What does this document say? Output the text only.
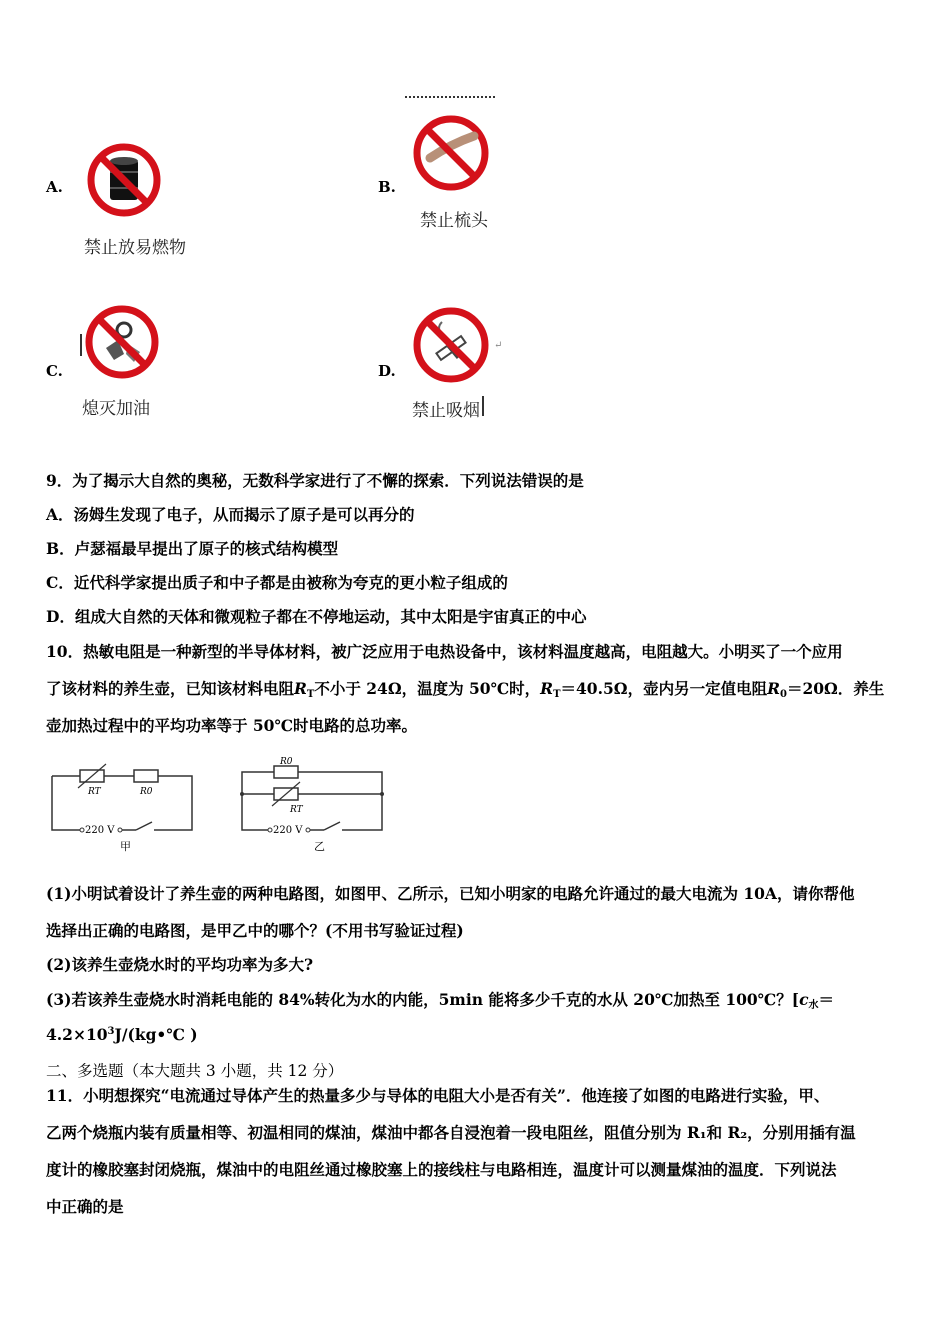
A.
禁止放易燃物
B.
禁止梳头
C.
熄灭加油
D.
↵
禁止吸烟
9．为了揭示大自然的奥秘，无数科学家进行了不懈的探索．下列说法错误的是
A．汤姆生发现了电子，从而揭示了原子是可以再分的
B．卢瑟福最早提出了原子的核式结构模型
C．近代科学家提出质子和中子都是由被称为夸克的更小粒子组成的
D．组成大自然的天体和微观粒子都在不停地运动，其中太阳是宇宙真正的中心
10．热敏电阻是一种新型的半导体材料，被广泛应用于电热设备中，该材料温度越高，电阻越大。小明买了一个应用
了该材料的养生壶，已知该材料电阻$R_T$不小于 24Ω，温度为 50℃时，$R_T=40.5\Omega$，壶内另一定值电阻$R_0=20\Omega$．养生
壶加热过程中的平均功率等于 50℃时电路的总功率。
RT	R0
220 V
甲
R0
RT
220 V
乙
(1)小明试着设计了养生壶的两种电路图，如图甲、乙所示，已知小明家的电路允许通过的最大电流为 10A，请你帮他
选择出正确的电路图，是甲乙中的哪个？(不用书写验证过程)
(2)该养生壶烧水时的平均功率为多大?
(3)若该养生壶烧水时消耗电能的 84%转化为水的内能，5min 能将多少千克的水从 20℃加热至 100℃？[$c_水=$
$4.2\times 10^3J/(kg•℃$ )
二、多选题（本大题共 3 小题，共 12 分）
11．小明想探究“电流通过导体产生的热量多少与导体的电阻大小是否有关”．他连接了如图的电路进行实验，甲、
乙两个烧瓶内装有质量相等、初温相同的煤油，煤油中都各自浸泡着一段电阻丝，阻值分别为 R₁和 R₂，分别用插有温
度计的橡胶塞封闭烧瓶，煤油中的电阻丝通过橡胶塞上的接线柱与电路相连，温度计可以测量煤油的温度．下列说法
中正确的是
